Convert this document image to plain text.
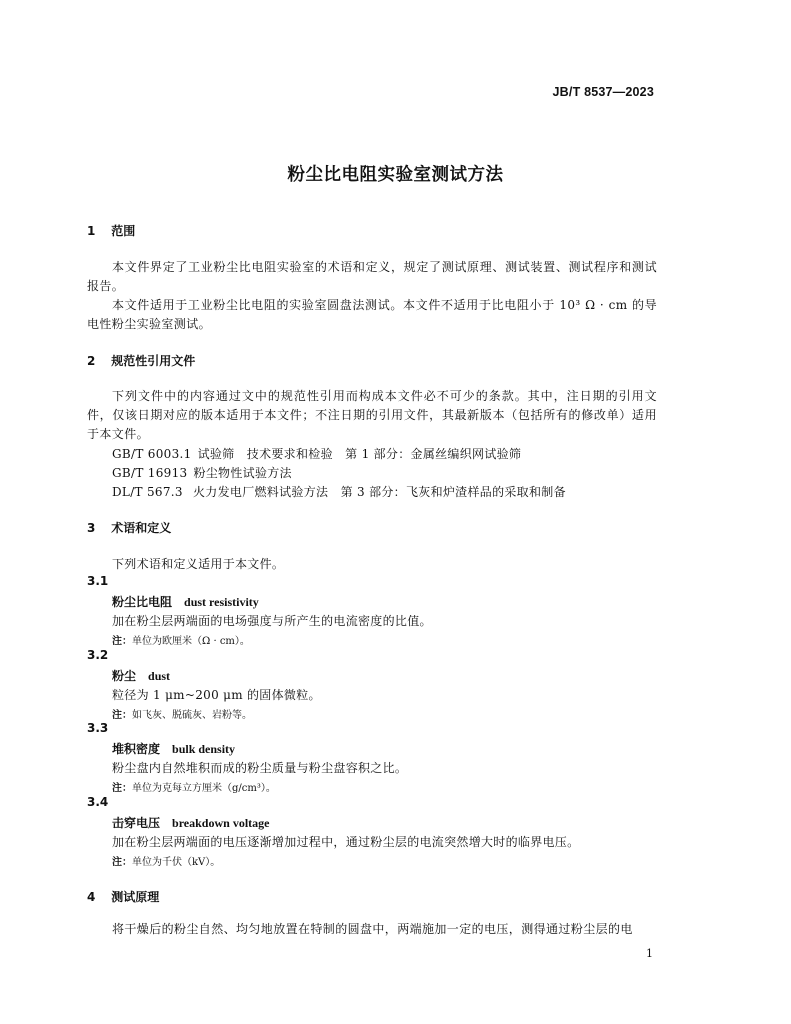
JB/T 8537—2023
粉尘比电阻实验室测试方法
1 范围
本文件界定了工业粉尘比电阻实验室的术语和定义，规定了测试原理、测试装置、测试程序和测试报告。
本文件适用于工业粉尘比电阻的实验室圆盘法测试。本文件不适用于比电阻小于 10³ Ω · cm 的导电性粉尘实验室测试。
2 规范性引用文件
下列文件中的内容通过文中的规范性引用而构成本文件必不可少的条款。其中，注日期的引用文件，仅该日期对应的版本适用于本文件；不注日期的引用文件，其最新版本（包括所有的修改单）适用于本文件。
GB/T 6003.1 试验筛　技术要求和检验　第 1 部分：金属丝编织网试验筛
GB/T 16913 粉尘物性试验方法
DL/T 567.3 火力发电厂燃料试验方法　第 3 部分：飞灰和炉渣样品的采取和制备
3 术语和定义
下列术语和定义适用于本文件。
3.1
粉尘比电阻 dust resistivity
加在粉尘层两端面的电场强度与所产生的电流密度的比值。
注：单位为欧厘米（Ω · cm）。
3.2
粉尘 dust
粒径为 1 μm~200 μm 的固体微粒。
注：如飞灰、脱硫灰、岩粉等。
3.3
堆积密度 bulk density
粉尘盘内自然堆积而成的粉尘质量与粉尘盘容积之比。
注：单位为克每立方厘米（g/cm³）。
3.4
击穿电压 breakdown voltage
加在粉尘层两端面的电压逐渐增加过程中，通过粉尘层的电流突然增大时的临界电压。
注：单位为千伏（kV）。
4 测试原理
将干燥后的粉尘自然、均匀地放置在特制的圆盘中，两端施加一定的电压，测得通过粉尘层的电
1
